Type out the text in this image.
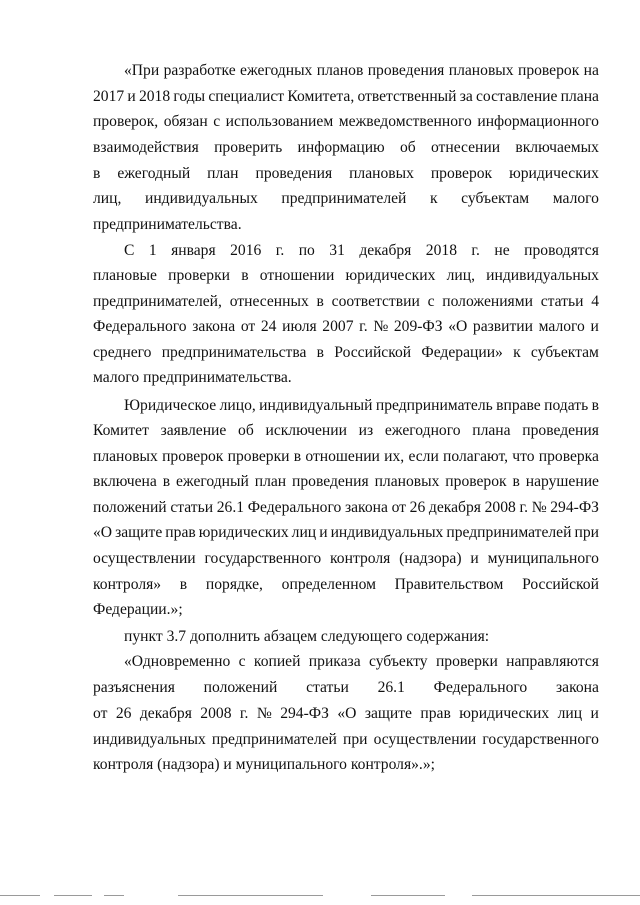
«При разработке ежегодных планов проведения плановых проверок на

2017 и 2018 годы специалист Комитета, ответственный за составление плана

проверок, обязан с использованием межведомственного информационного

взаимодействия проверить информацию об отнесении включаемых

в ежегодный план проведения плановых проверок юридических

лиц, индивидуальных предпринимателей к субъектам малого

предпринимательства.

С 1 января 2016 г. по 31 декабря 2018 г. не проводятся

плановые проверки в отношении юридических лиц, индивидуальных

предпринимателей, отнесенных в соответствии с положениями статьи 4

Федерального закона от 24 июля 2007 г. № 209-ФЗ «О развитии малого и

среднего предпринимательства в Российской Федерации» к субъектам

малого предпринимательства.

Юридическое лицо, индивидуальный предприниматель вправе подать в

Комитет заявление об исключении из ежегодного плана проведения

плановых проверок проверки в отношении их, если полагают, что проверка

включена в ежегодный план проведения плановых проверок в нарушение

положений статьи 26.1 Федерального закона от 26 декабря 2008 г. № 294-ФЗ

«О защите прав юридических лиц и индивидуальных предпринимателей при

осуществлении государственного контроля (надзора) и муниципального

контроля» в порядке, определенном Правительством Российской

Федерации.»;

пункт 3.7 дополнить абзацем следующего содержания:

«Одновременно с копией приказа субъекту проверки направляются

разъяснения положений статьи 26.1 Федерального закона

от 26 декабря 2008 г. № 294-ФЗ «О защите прав юридических лиц и

индивидуальных предпринимателей при осуществлении государственного

контроля (надзора) и муниципального контроля».»;
